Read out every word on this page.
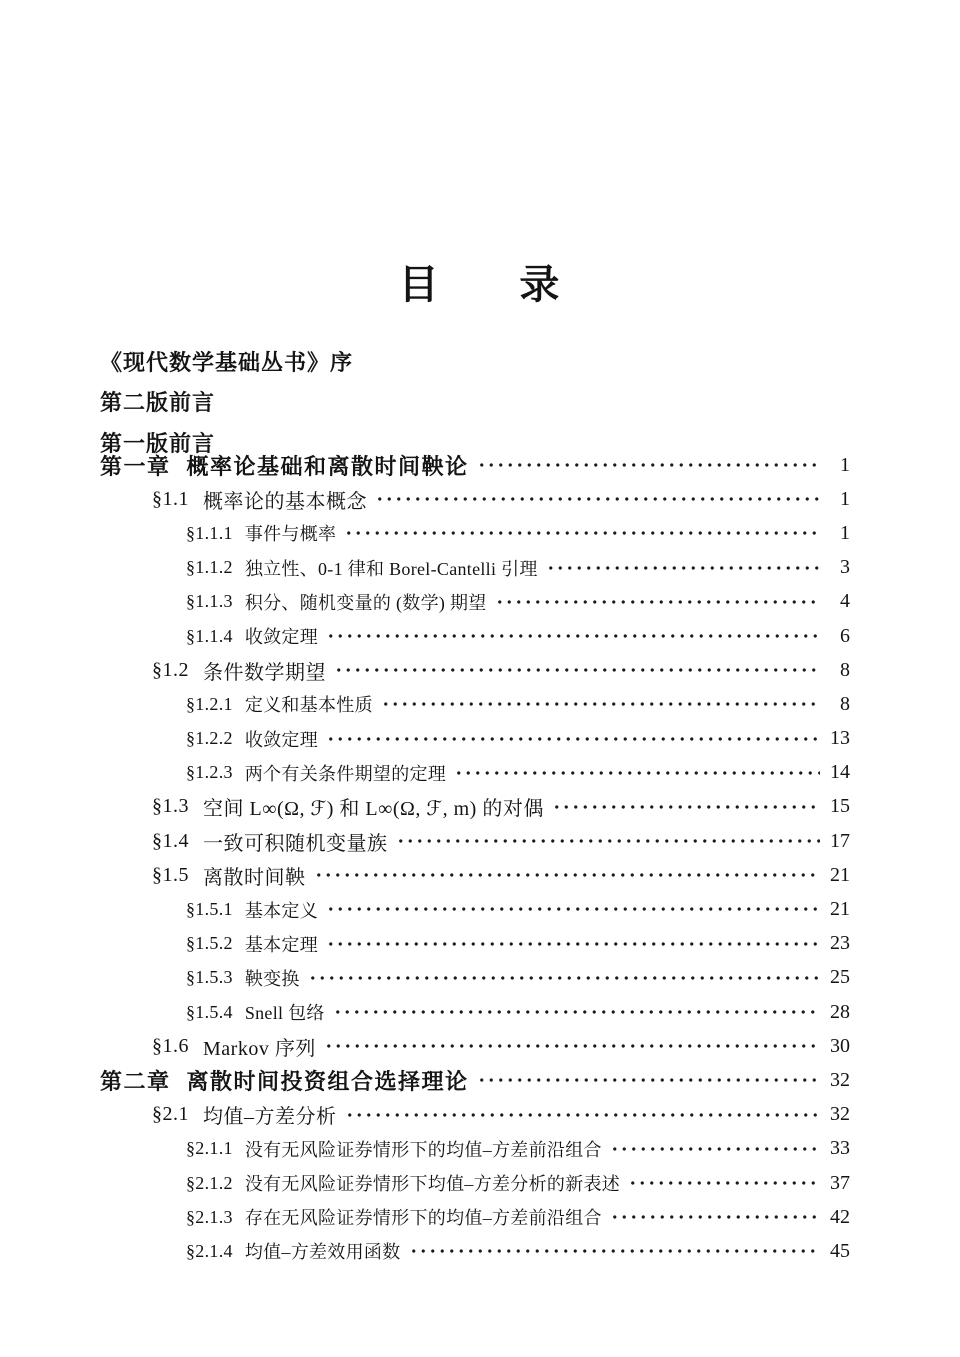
目      录
《现代数学基础丛书》序
第二版前言
第一版前言
第一章 概率论基础和离散时间鞅论	1
§1.1 概率论的基本概念	1
§1.1.1 事件与概率	1
§1.1.2 独立性、0-1 律和 Borel-Cantelli 引理	3
§1.1.3 积分、随机变量的 (数学) 期望	4
§1.1.4 收敛定理	6
§1.2 条件数学期望	8
§1.2.1 定义和基本性质	8
§1.2.2 收敛定理	13
§1.2.3 两个有关条件期望的定理	14
§1.3 空间 L∞(Ω, ℱ) 和 L∞(Ω, ℱ, m) 的对偶	15
§1.4 一致可积随机变量族	17
§1.5 离散时间鞅	21
§1.5.1 基本定义	21
§1.5.2 基本定理	23
§1.5.3 鞅变换	25
§1.5.4 Snell 包络	28
§1.6 Markov 序列	30
第二章 离散时间投资组合选择理论	32
§2.1 均值–方差分析	32
§2.1.1 没有无风险证券情形下的均值–方差前沿组合	33
§2.1.2 没有无风险证券情形下均值–方差分析的新表述	37
§2.1.3 存在无风险证券情形下的均值–方差前沿组合	42
§2.1.4 均值–方差效用函数	45
